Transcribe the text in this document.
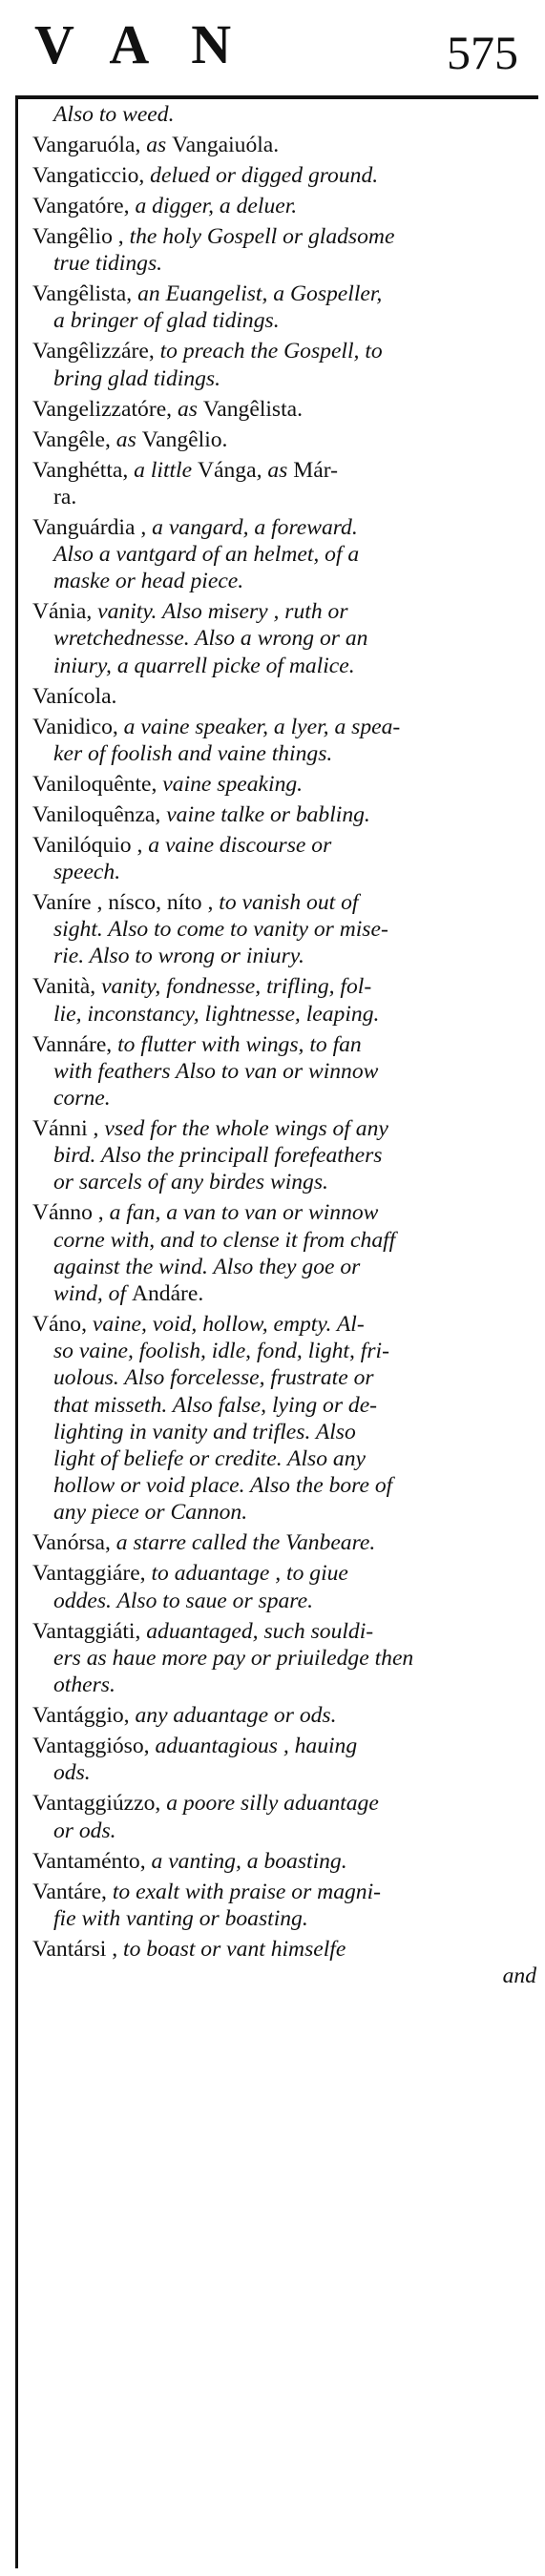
VAN	575
Also to weed.
Vangaruóla, as Vangaiuóla.
Vangaticcio, delued or digged ground.
Vangatóre, a digger, a deluer.
Vangêlio , the holy Gospell or gladsome
true tidings.
Vangêlista, an Euangelist, a Gospeller,
a bringer of glad tidings.
Vangêlizzáre, to preach the Gospell, to
bring glad tidings.
Vangelizzatóre, as Vangêlista.
Vangêle, as Vangêlio.
Vanghétta, a little Vánga, as Már-
ra.
Vanguárdia , a vangard, a foreward.
Also a vantgard of an helmet, of a
maske or head piece.
Vánia, vanity. Also misery , ruth or
wretchednesse. Also a wrong or an
iniury, a quarrell picke of malice.
Vanícola.
Vanidico, a vaine speaker, a lyer, a spea-
ker of foolish and vaine things.
Vaniloquênte, vaine speaking.
Vaniloquênza, vaine talke or babling.
Vanilóquio , a vaine discourse or
speech.
Vaníre , nísco, níto , to vanish out of
sight. Also to come to vanity or mise-
rie. Also to wrong or iniury.
Vanità, vanity, fondnesse, trifling, fol-
lie, inconstancy, lightnesse, leaping.
Vannáre, to flutter with wings, to fan
with feathers Also to van or winnow
corne.
Vánni , vsed for the whole wings of any
bird. Also the principall forefeathers
or sarcels of any birdes wings.
Vánno , a fan, a van to van or winnow
corne with, and to clense it from chaff
against the wind. Also they goe or
wind, of Andáre.
Váno, vaine, void, hollow, empty. Al-
so vaine, foolish, idle, fond, light, fri-
uolous. Also forcelesse, frustrate or
that misseth. Also false, lying or de-
lighting in vanity and trifles. Also
light of beliefe or credite. Also any
hollow or void place. Also the bore of
any piece or Cannon.
Vanórsa, a starre called the Vanbeare.
Vantaggiáre, to aduantage , to giue
oddes. Also to saue or spare.
Vantaggiáti, aduantaged, such souldi-
ers as haue more pay or priuiledge then
others.
Vantággio, any aduantage or ods.
Vantaggióso, aduantagious , hauing
ods.
Vantaggiúzzo, a poore silly aduantage
or ods.
Vantaménto, a vanting, a boasting.
Vantáre, to exalt with praise or magni-
fie with vanting or boasting.
Vantársi , to boast or vant himselfe
and
